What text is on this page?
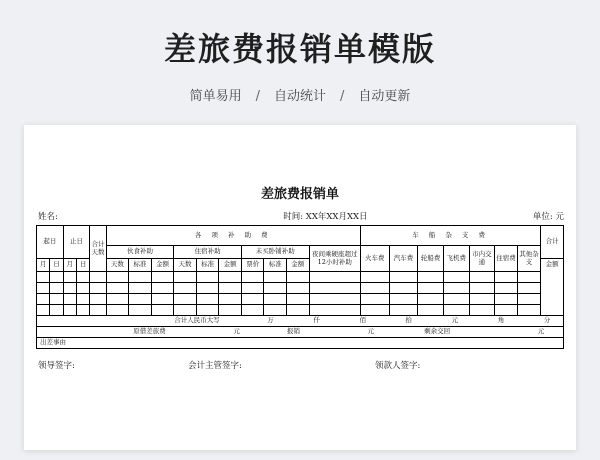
差旅费报销单模版
简单易用 / 自动统计 / 自动更新
差旅费报销单
姓名:	时间: XX年XX月XX日	单位: 元
起日		止日		合计天数	各 项 补 助 费										车 船 杂 支 费							合计
					伙食补助			住宿补助			未买卧铺补助			夜间乘硬座超过12小时补助	火车费	汽车费	轮船费	飞机费	市内交通	住宿费	其他杂支	
月	日	月	日		天数	标准	金额	天数	标准	金额	票价	标准	金额									金额

合计人民币大写 万 仟 佰 拾 元 角 分																						
原借差旅费 元 报销 元 剩余交回 元																						
出差事由																						
领导签字:	会计主管签字:	领款人签字:
